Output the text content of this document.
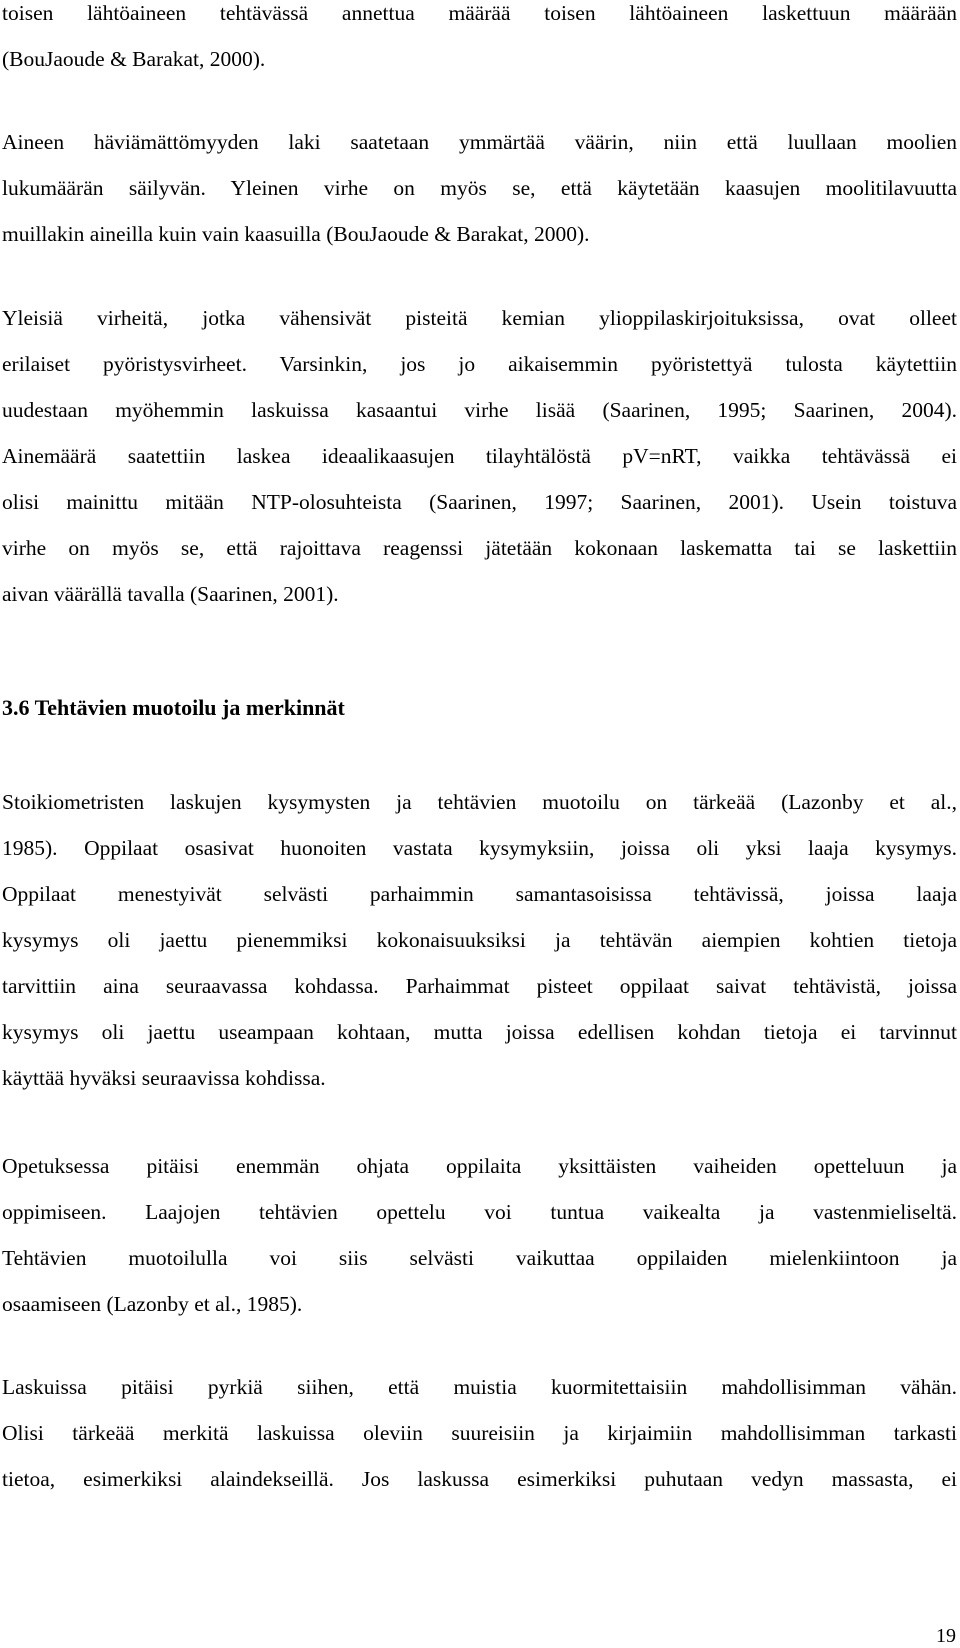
toisen lähtöaineen tehtävässä annettua määrää toisen lähtöaineen laskettuun määrään
(BouJaoude & Barakat, 2000).

Aineen häviämättömyyden laki saatetaan ymmärtää väärin, niin että luullaan moolien
lukumäärän säilyvän. Yleinen virhe on myös se, että käytetään kaasujen moolitilavuutta
muillakin aineilla kuin vain kaasuilla (BouJaoude & Barakat, 2000).

Yleisiä virheitä, jotka vähensivät pisteitä kemian ylioppilaskirjoituksissa, ovat olleet
erilaiset pyöristysvirheet. Varsinkin, jos jo aikaisemmin pyöristettyä tulosta käytettiin
uudestaan myöhemmin laskuissa kasaantui virhe lisää (Saarinen, 1995; Saarinen, 2004).
Ainemäärä saatettiin laskea ideaalikaasujen tilayhtälöstä pV=nRT, vaikka tehtävässä ei
olisi mainittu mitään NTP-olosuhteista (Saarinen, 1997; Saarinen, 2001). Usein toistuva
virhe on myös se, että rajoittava reagenssi jätetään kokonaan laskematta tai se laskettiin
aivan väärällä tavalla (Saarinen, 2001).

3.6 Tehtävien muotoilu ja merkinnät

Stoikiometristen laskujen kysymysten ja tehtävien muotoilu on tärkeää (Lazonby et al.,
1985). Oppilaat osasivat huonoiten vastata kysymyksiin, joissa oli yksi laaja kysymys.
Oppilaat menestyivät selvästi parhaimmin samantasoisissa tehtävissä, joissa laaja
kysymys oli jaettu pienemmiksi kokonaisuuksiksi ja tehtävän aiempien kohtien tietoja
tarvittiin aina seuraavassa kohdassa. Parhaimmat pisteet oppilaat saivat tehtävistä, joissa
kysymys oli jaettu useampaan kohtaan, mutta joissa edellisen kohdan tietoja ei tarvinnut
käyttää hyväksi seuraavissa kohdissa.

Opetuksessa pitäisi enemmän ohjata oppilaita yksittäisten vaiheiden opetteluun ja
oppimiseen. Laajojen tehtävien opettelu voi tuntua vaikealta ja vastenmieliseltä.
Tehtävien muotoilulla voi siis selvästi vaikuttaa oppilaiden mielenkiintoon ja
osaamiseen (Lazonby et al., 1985).

Laskuissa pitäisi pyrkiä siihen, että muistia kuormitettaisiin mahdollisimman vähän.
Olisi tärkeää merkitä laskuissa oleviin suureisiin ja kirjaimiin mahdollisimman tarkasti
tietoa, esimerkiksi alaindekseillä. Jos laskussa esimerkiksi puhutaan vedyn massasta, ei

19
